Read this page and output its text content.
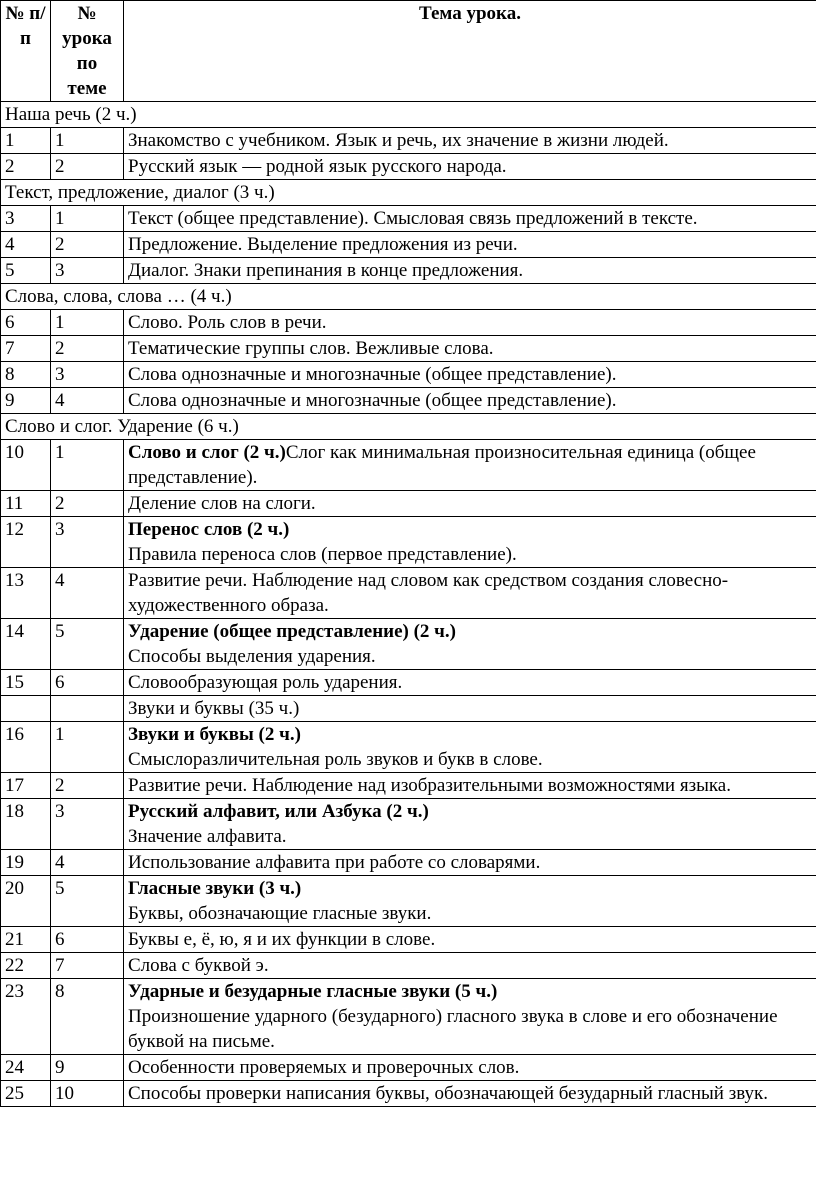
№ п/п	№ урока по теме	Тема урока.
Наша речь (2 ч.)		
1	1	Знакомство с учебником. Язык и речь, их значение в жизни людей.
2	2	Русский язык — родной язык русского народа.
Текст, предложение, диалог (3 ч.)		
3	1	Текст (общее представление). Смысловая связь предложений в тексте.
4	2	Предложение. Выделение предложения из речи.
5	3	Диалог. Знаки препинания в конце предложения.
Слова, слова, слова … (4 ч.)		
6	1	Слово. Роль слов в речи.
7	2	Тематические группы слов. Вежливые слова.
8	3	Слова однозначные и многозначные (общее представление).
9	4	Слова однозначные и многозначные (общее представление).
Слово и слог. Ударение (6 ч.)		
10	1	Слово и слог (2 ч.)Слог как минимальная произносительная единица (общее представление).
11	2	Деление слов на слоги.
12	3	Перенос слов (2 ч.)
Правила переноса слов (первое представление).
13	4	Развитие речи. Наблюдение над словом как средством создания словесно-художественного образа.
14	5	Ударение (общее представление) (2 ч.)
Способы выделения ударения.
15	6	Словообразующая роль ударения.
		Звуки и буквы (35 ч.)
16	1	Звуки и буквы (2 ч.)
Смыслоразличительная роль звуков и букв в слове.
17	2	Развитие речи. Наблюдение над изобразительными возможностями языка.
18	3	Русский алфавит, или Азбука (2 ч.)
Значение алфавита.
19	4	Использование алфавита при работе со словарями.
20	5	Гласные звуки (3 ч.)
Буквы, обозначающие гласные звуки.
21	6	Буквы е, ё, ю, я и их функции в слове.
22	7	Слова с буквой э.
23	8	Ударные и безударные гласные звуки (5 ч.)
Произношение ударного (безударного) гласного звука в слове и его обозначение буквой на письме.
24	9	Особенности проверяемых и проверочных слов.
25	10	Способы проверки написания буквы, обозначающей безударный гласный звук.
